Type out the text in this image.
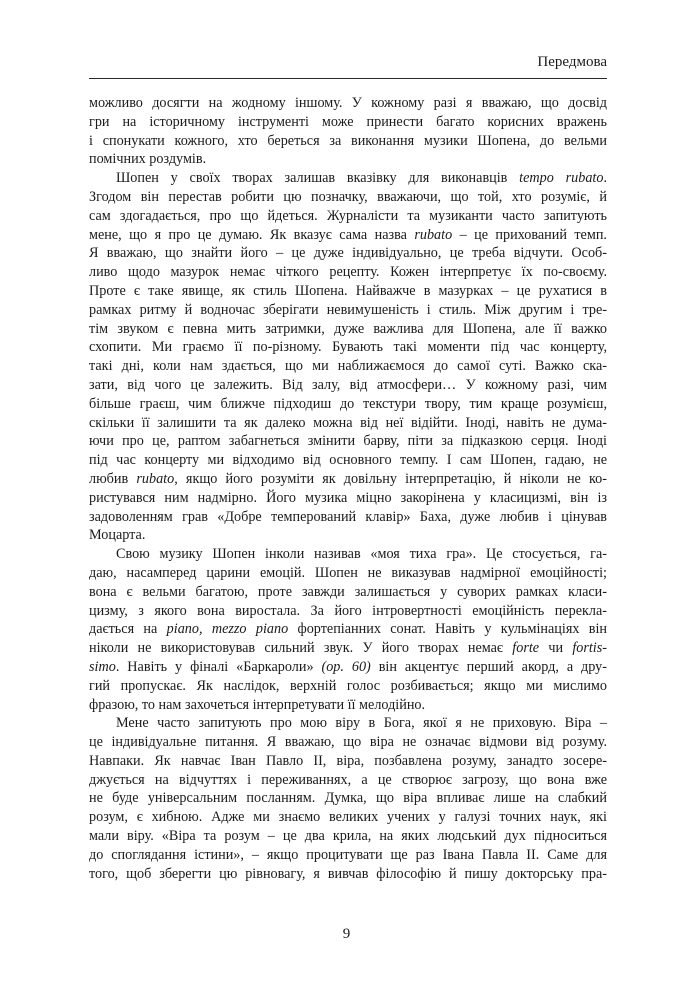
Передмова
можливо досягти на жодному іншому. У кожному разі я вважаю, що досвід
гри на історичному інструменті може принести багато корисних вражень
і спонукати кожного, хто береться за виконання музики Шопена, до вельми
помічних роздумів.
Шопен у своїх творах залишав вказівку для виконавців tempo rubato.
Згодом він перестав робити цю позначку, вважаючи, що той, хто розуміє, й
сам здогадається, про що йдеться. Журналісти та музиканти часто запитують
мене, що я про це думаю. Як вказує сама назва rubato – це прихований темп.
Я вважаю, що знайти його – це дуже індивідуально, це треба відчути. Особ-
ливо щодо мазурок немає чіткого рецепту. Кожен інтерпретує їх по-своєму.
Проте є таке явище, як стиль Шопена. Найважче в мазурках – це рухатися в
рамках ритму й водночас зберігати невимушеність і стиль. Між другим і тре-
тім звуком є певна мить затримки, дуже важлива для Шопена, але її важко
схопити. Ми граємо її по-різному. Бувають такі моменти під час концерту,
такі дні, коли нам здається, що ми наближаємося до самої суті. Важко ска-
зати, від чого це залежить. Від залу, від атмосфери… У кожному разі, чим
більше граєш, чим ближче підходиш до текстури твору, тим краще розумієш,
скільки її залишити та як далеко можна від неї відійти. Іноді, навіть не дума-
ючи про це, раптом забагнеться змінити барву, піти за підказкою серця. Іноді
під час концерту ми відходимо від основного темпу. І сам Шопен, гадаю, не
любив rubato, якщо його розуміти як довільну інтерпретацію, й ніколи не ко-
ристувався ним надмірно. Його музика міцно закорінена у класицизмі, він із
задоволенням грав «Добре темперований клавір» Баха, дуже любив і цінував
Моцарта.
Свою музику Шопен інколи називав «моя тиха гра». Це стосується, га-
даю, насамперед царини емоцій. Шопен не виказував надмірної емоційності;
вона є вельми багатою, проте завжди залишається у суворих рамках класи-
цизму, з якого вона виростала. За його інтровертності емоційність перекла-
дається на piano, mezzo piano фортепіанних сонат. Навіть у кульмінаціях він
ніколи не використовував сильний звук. У його творах немає forte чи fortis-
simo. Навіть у фіналі «Баркароли» (op. 60) він акцентує перший акорд, а дру-
гий пропускає. Як наслідок, верхній голос розбивається; якщо ми мислимо
фразою, то нам захочеться інтерпретувати її мелодійно.
Мене часто запитують про мою віру в Бога, якої я не приховую. Віра –
це індивідуальне питання. Я вважаю, що віра не означає відмови від розуму.
Навпаки. Як навчає Іван Павло II, віра, позбавлена розуму, занадто зосере-
джується на відчуттях і переживаннях, а це створює загрозу, що вона вже
не буде універсальним посланням. Думка, що віра впливає лише на слабкий
розум, є хибною. Адже ми знаємо великих учених у галузі точних наук, які
мали віру. «Віра та розум – це два крила, на яких людський дух підноситься
до споглядання істини», – якщо процитувати ще раз Івана Павла II. Саме для
того, щоб зберегти цю рівновагу, я вивчав філософію й пишу докторську пра-
9
